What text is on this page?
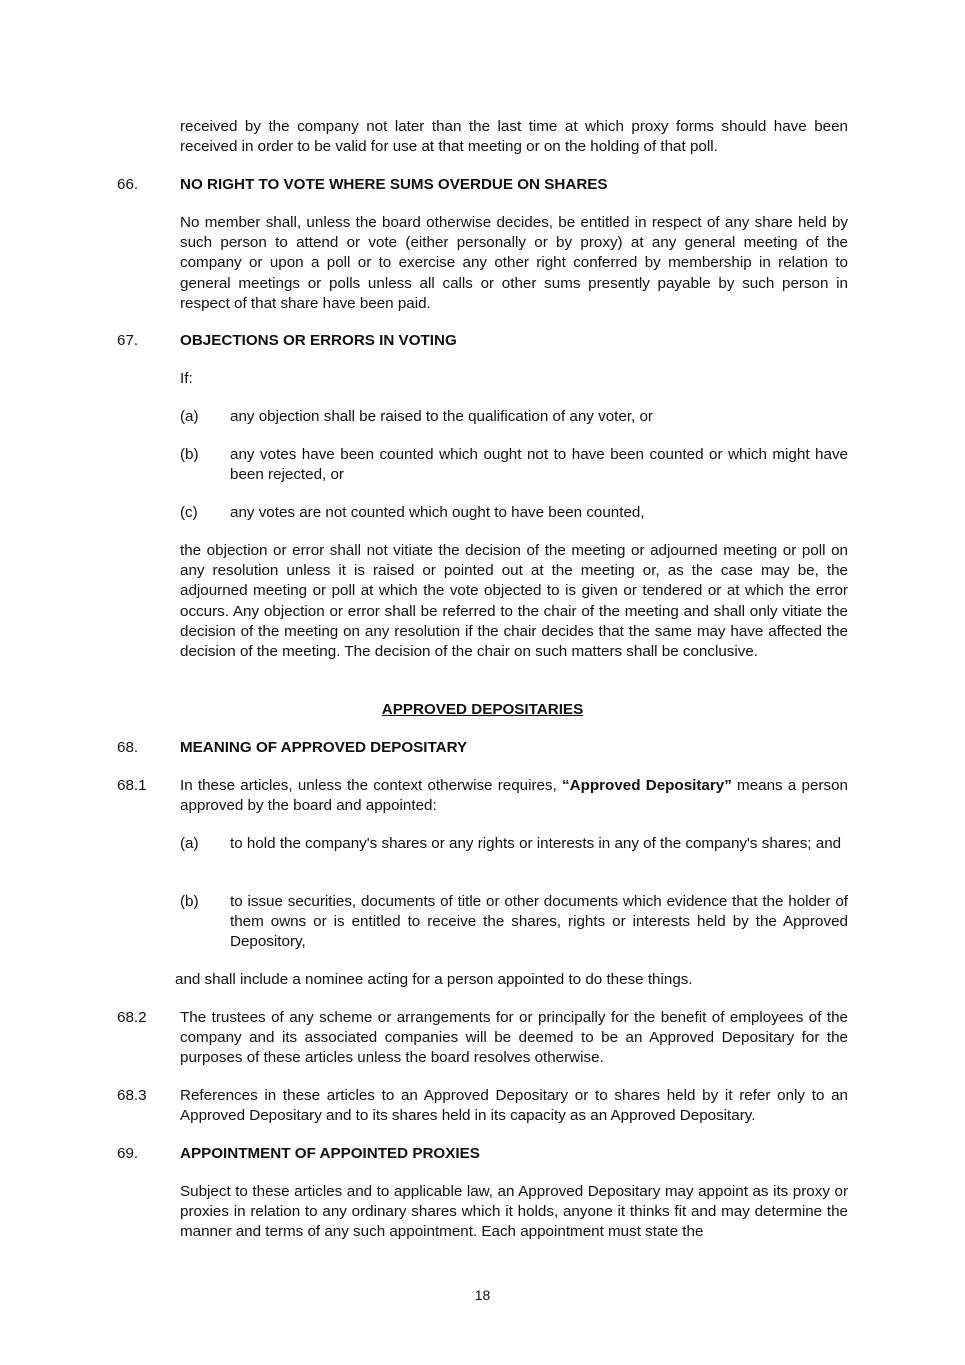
received by the company not later than the last time at which proxy forms should have been received in order to be valid for use at that meeting or on the holding of that poll.
66.	NO RIGHT TO VOTE WHERE SUMS OVERDUE ON SHARES
No member shall, unless the board otherwise decides, be entitled in respect of any share held by such person to attend or vote (either personally or by proxy) at any general meeting of the company or upon a poll or to exercise any other right conferred by membership in relation to general meetings or polls unless all calls or other sums presently payable by such person in respect of that share have been paid.
67.	OBJECTIONS OR ERRORS IN VOTING
If:
(a) any objection shall be raised to the qualification of any voter, or
(b) any votes have been counted which ought not to have been counted or which might have been rejected, or
(c) any votes are not counted which ought to have been counted,
the objection or error shall not vitiate the decision of the meeting or adjourned meeting or poll on any resolution unless it is raised or pointed out at the meeting or, as the case may be, the adjourned meeting or poll at which the vote objected to is given or tendered or at which the error occurs. Any objection or error shall be referred to the chair of the meeting and shall only vitiate the decision of the meeting on any resolution if the chair decides that the same may have affected the decision of the meeting. The decision of the chair on such matters shall be conclusive.
APPROVED DEPOSITARIES
68.	MEANING OF APPROVED DEPOSITARY
68.1 In these articles, unless the context otherwise requires, “Approved Depositary” means a person approved by the board and appointed:
(a) to hold the company's shares or any rights or interests in any of the company's shares; and
(b) to issue securities, documents of title or other documents which evidence that the holder of them owns or is entitled to receive the shares, rights or interests held by the Approved Depository,
and shall include a nominee acting for a person appointed to do these things.
68.2 The trustees of any scheme or arrangements for or principally for the benefit of employees of the company and its associated companies will be deemed to be an Approved Depositary for the purposes of these articles unless the board resolves otherwise.
68.3 References in these articles to an Approved Depositary or to shares held by it refer only to an Approved Depositary and to its shares held in its capacity as an Approved Depositary.
69.	APPOINTMENT OF APPOINTED PROXIES
Subject to these articles and to applicable law, an Approved Depositary may appoint as its proxy or proxies in relation to any ordinary shares which it holds, anyone it thinks fit and may determine the manner and terms of any such appointment. Each appointment must state the
18
